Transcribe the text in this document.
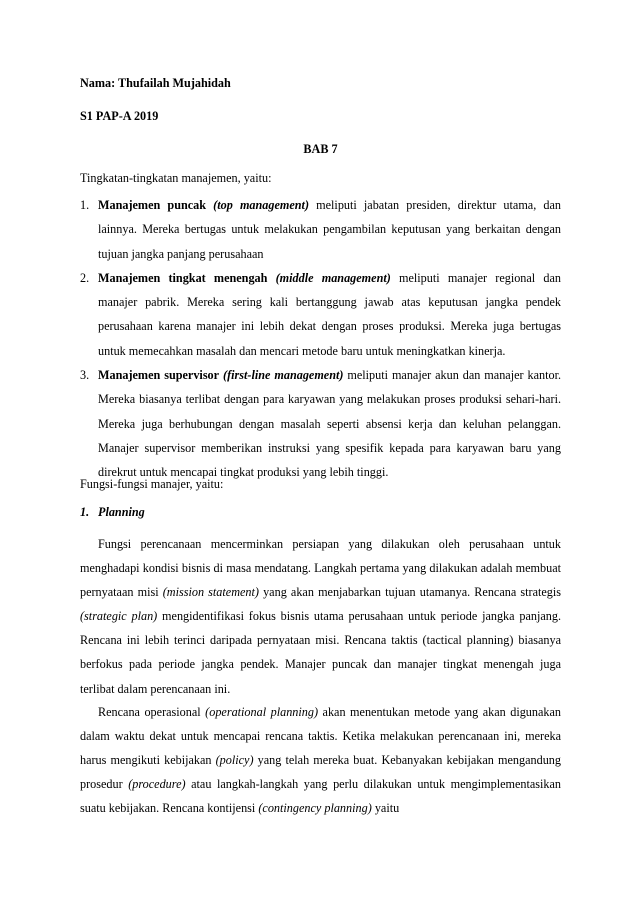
Nama: Thufailah Mujahidah

S1 PAP-A 2019

BAB 7

Tingkatan-tingkatan manajemen, yaitu:

1. Manajemen puncak (top management) meliputi jabatan presiden, direktur utama, dan lainnya. Mereka bertugas untuk melakukan pengambilan keputusan yang berkaitan dengan tujuan jangka panjang perusahaan
2. Manajemen tingkat menengah (middle management) meliputi manajer regional dan manajer pabrik. Mereka sering kali bertanggung jawab atas keputusan jangka pendek perusahaan karena manajer ini lebih dekat dengan proses produksi. Mereka juga bertugas untuk memecahkan masalah dan mencari metode baru untuk meningkatkan kinerja.
3. Manajemen supervisor (first-line management) meliputi manajer akun dan manajer kantor. Mereka biasanya terlibat dengan para karyawan yang melakukan proses produksi sehari-hari. Mereka juga berhubungan dengan masalah seperti absensi kerja dan keluhan pelanggan. Manajer supervisor memberikan instruksi yang spesifik kepada para karyawan baru yang direkrut untuk mencapai tingkat produksi yang lebih tinggi.

Fungsi-fungsi manajer, yaitu:

1. Planning

Fungsi perencanaan mencerminkan persiapan yang dilakukan oleh perusahaan untuk menghadapi kondisi bisnis di masa mendatang. Langkah pertama yang dilakukan adalah membuat pernyataan misi (mission statement) yang akan menjabarkan tujuan utamanya. Rencana strategis (strategic plan) mengidentifikasi fokus bisnis utama perusahaan untuk periode jangka panjang. Rencana ini lebih terinci daripada pernyataan misi. Rencana taktis (tactical planning) biasanya berfokus pada periode jangka pendek. Manajer puncak dan manajer tingkat menengah juga terlibat dalam perencanaan ini.

Rencana operasional (operational planning) akan menentukan metode yang akan digunakan dalam waktu dekat untuk mencapai rencana taktis. Ketika melakukan perencanaan ini, mereka harus mengikuti kebijakan (policy) yang telah mereka buat. Kebanyakan kebijakan mengandung prosedur (procedure) atau langkah-langkah yang perlu dilakukan untuk mengimplementasikan suatu kebijakan. Rencana kontijensi (contingency planning) yaitu
